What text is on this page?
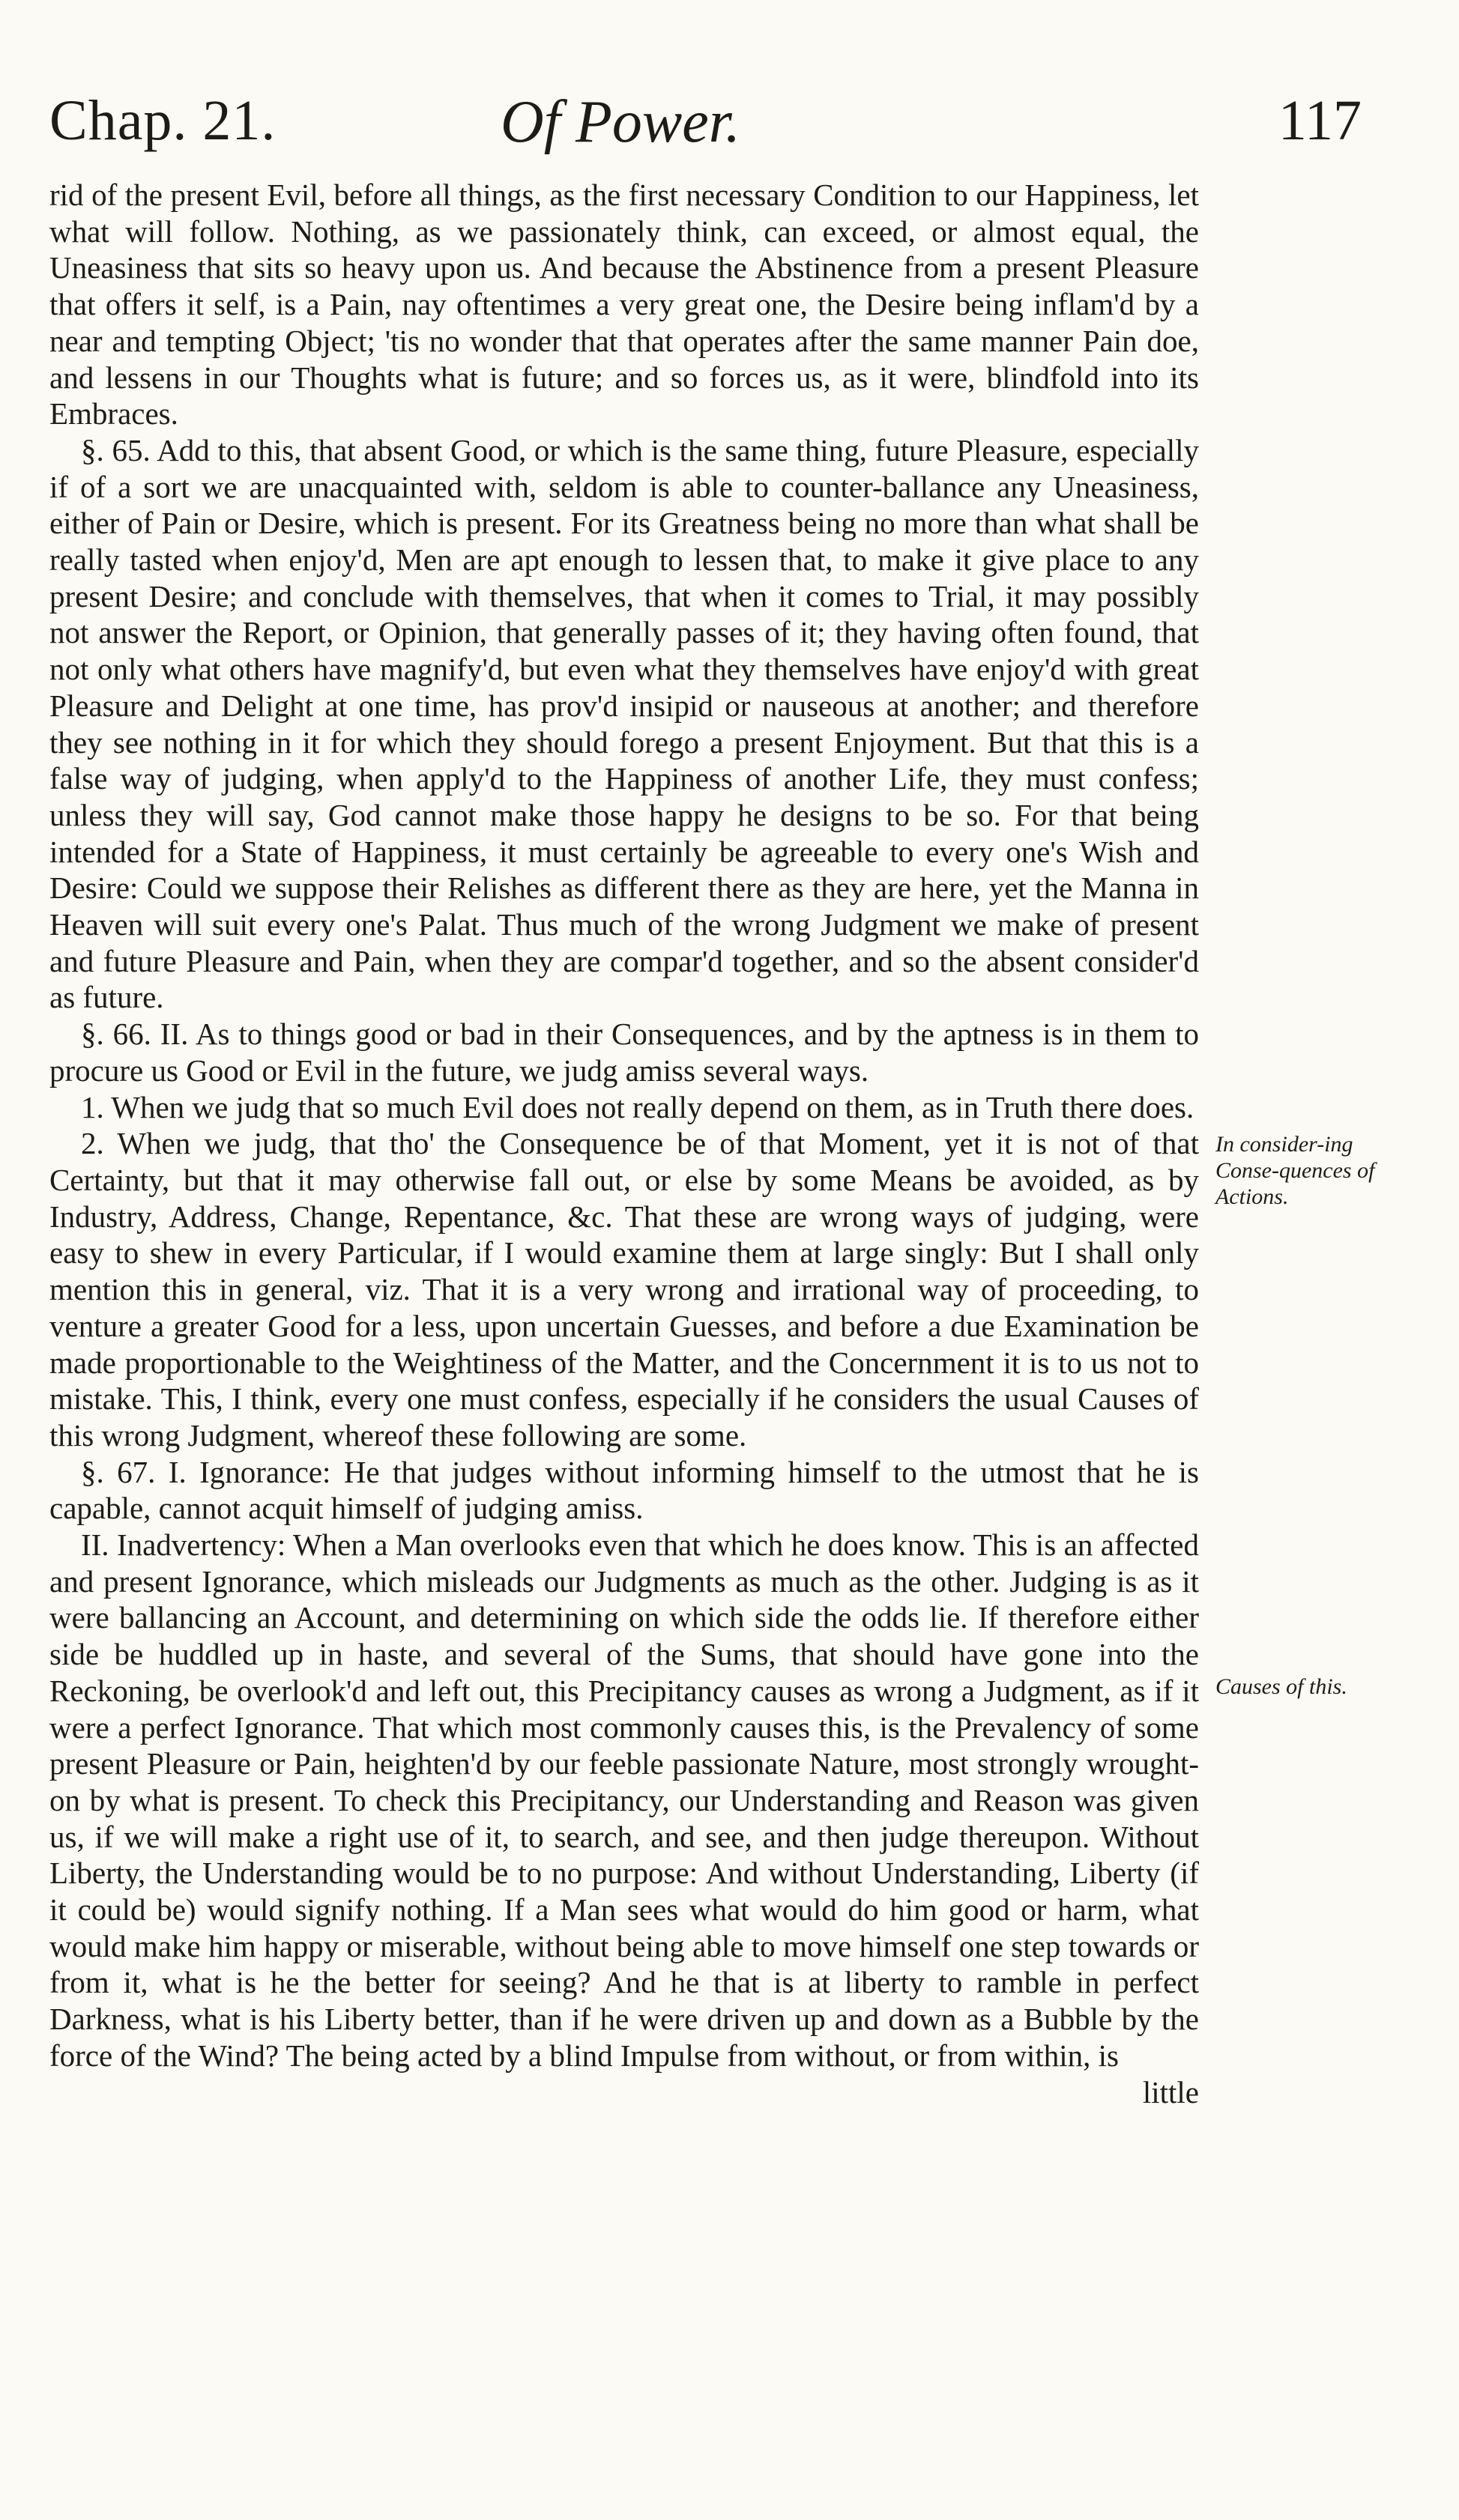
Chap. 21.	Of Power.	117

rid of the present Evil, before all things, as the first necessary Condition to our Happiness, let what will follow. Nothing, as we passionately think, can exceed, or almost equal, the Uneasiness that sits so heavy upon us. And because the Abstinence from a present Pleasure that offers it self, is a Pain, nay oftentimes a very great one, the Desire being inflam'd by a near and tempting Object; 'tis no wonder that that operates after the same manner Pain doe, and lessens in our Thoughts what is future; and so forces us, as it were, blindfold into its Embraces.

§. 65. Add to this, that absent Good, or which is the same thing, future Pleasure, especially if of a sort we are unacquainted with, seldom is able to counter-ballance any Uneasiness, either of Pain or Desire, which is present. For its Greatness being no more than what shall be really tasted when enjoy'd, Men are apt enough to lessen that, to make it give place to any present Desire; and conclude with themselves, that when it comes to Trial, it may possibly not answer the Report, or Opinion, that generally passes of it; they having often found, that not only what others have magnify'd, but even what they themselves have enjoy'd with great Pleasure and Delight at one time, has prov'd insipid or nauseous at another; and therefore they see nothing in it for which they should forego a present Enjoyment. But that this is a false way of judging, when apply'd to the Happiness of another Life, they must confess; unless they will say, God cannot make those happy he designs to be so. For that being intended for a State of Happiness, it must certainly be agreeable to every one's Wish and Desire: Could we suppose their Relishes as different there as they are here, yet the Manna in Heaven will suit every one's Palat. Thus much of the wrong Judgment we make of present and future Pleasure and Pain, when they are compar'd together, and so the absent consider'd as future.

§. 66. II. As to things good or bad in their Consequences, and by the aptness is in them to procure us Good or Evil in the future, we judg amiss several ways.

1. When we judg that so much Evil does not really depend on them, as in Truth there does.

2. When we judg, that tho' the Consequence be of that Moment, yet it is not of that Certainty, but that it may otherwise fall out, or else by some Means be avoided, as by Industry, Address, Change, Repentance, &c. That these are wrong ways of judging, were easy to shew in every Particular, if I would examine them at large singly: But I shall only mention this in general, viz. That it is a very wrong and irrational way of proceeding, to venture a greater Good for a less, upon uncertain Guesses, and before a due Examination be made proportionable to the Weightiness of the Matter, and the Concernment it is to us not to mistake. This, I think, every one must confess, especially if he considers the usual Causes of this wrong Judgment, whereof these following are some.

§. 67. I. Ignorance: He that judges without informing himself to the utmost that he is capable, cannot acquit himself of judging amiss.

II. Inadvertency: When a Man overlooks even that which he does know. This is an affected and present Ignorance, which misleads our Judgments as much as the other. Judging is as it were ballancing an Account, and determining on which side the odds lie. If therefore either side be huddled up in haste, and several of the Sums, that should have gone into the Reckoning, be overlook'd and left out, this Precipitancy causes as wrong a Judgment, as if it were a perfect Ignorance. That which most commonly causes this, is the Prevalency of some present Pleasure or Pain, heighten'd by our feeble passionate Nature, most strongly wrought-on by what is present. To check this Precipitancy, our Understanding and Reason was given us, if we will make a right use of it, to search, and see, and then judge thereupon. Without Liberty, the Understanding would be to no purpose: And without Understanding, Liberty (if it could be) would signify nothing. If a Man sees what would do him good or harm, what would make him happy or miserable, without being able to move himself one step towards or from it, what is he the better for seeing? And he that is at liberty to ramble in perfect Darkness, what is his Liberty better, than if he were driven up and down as a Bubble by the force of the Wind? The being acted by a blind Impulse from without, or from within, is

little

In consider-ing Conse-quences of Actions.
Causes of this.
